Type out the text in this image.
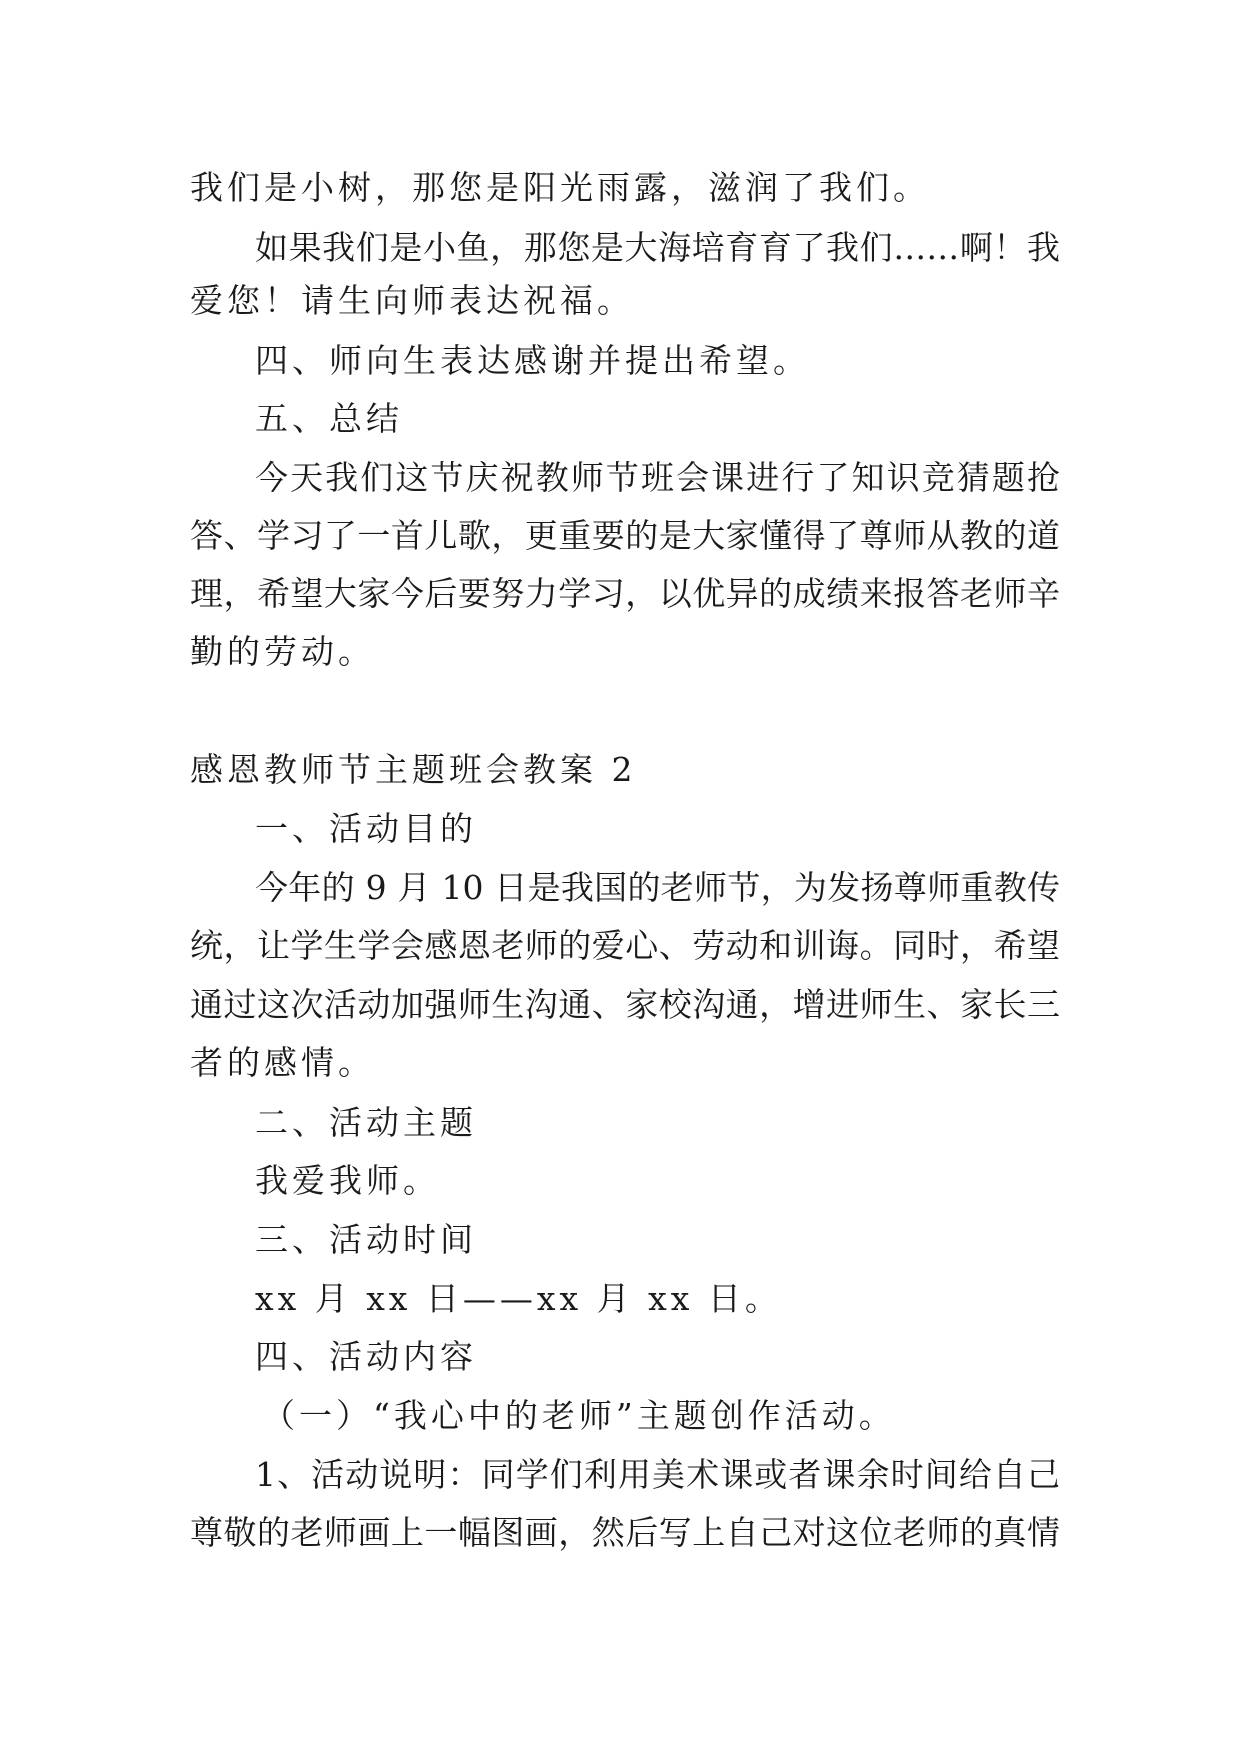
我们是小树，那您是阳光雨露，滋润了我们。
如果我们是小鱼，那您是大海培育育了我们……啊！我
爱您！请生向师表达祝福。
四、师向生表达感谢并提出希望。
五、总结
今天我们这节庆祝教师节班会课进行了知识竞猜题抢
答、学习了一首儿歌，更重要的是大家懂得了尊师从教的道
理，希望大家今后要努力学习，以优异的成绩来报答老师辛
勤的劳动。
感恩教师节主题班会教案 2
一、活动目的
今年的 9 月 10 日是我国的老师节，为发扬尊师重教传
统，让学生学会感恩老师的爱心、劳动和训诲。同时，希望
通过这次活动加强师生沟通、家校沟通，增进师生、家长三
者的感情。
二、活动主题
我爱我师。
三、活动时间
xx 月 xx 日——xx 月 xx 日。
四、活动内容
（一）“我心中的老师”主题创作活动。
1、活动说明：同学们利用美术课或者课余时间给自己
尊敬的老师画上一幅图画，然后写上自己对这位老师的真情
